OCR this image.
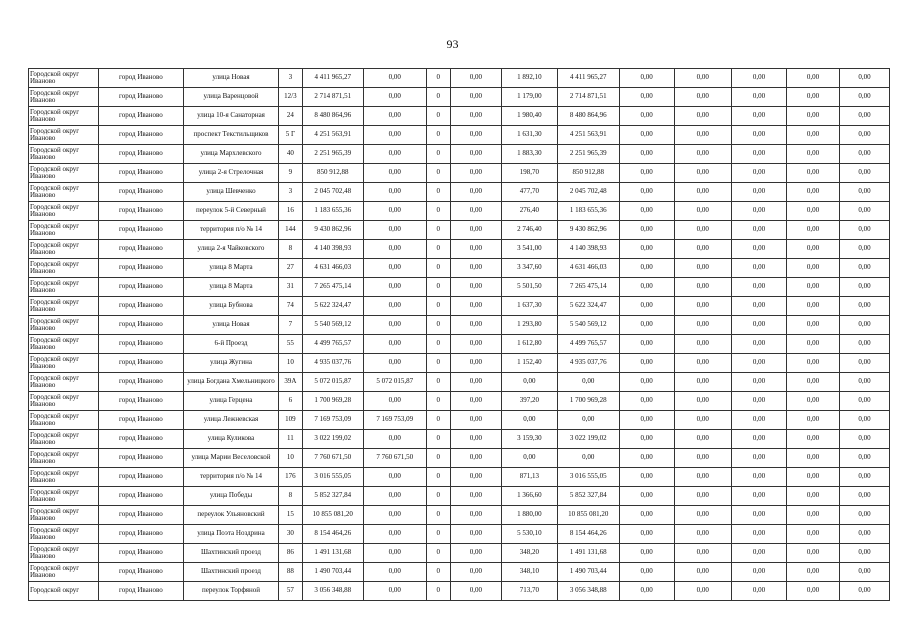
93
Городской округ Иваново	город Иваново	улица Новая	3	4 411 965,27	0,00	0	0,00	1 892,10	4 411 965,27	0,00	0,00	0,00	0,00	0,00
Городской округ Иваново	город Иваново	улица Варенцовой	12/3	2 714 871,51	0,00	0	0,00	1 179,00	2 714 871,51	0,00	0,00	0,00	0,00	0,00
Городской округ Иваново	город Иваново	улица 10-я Санаторная	24	8 480 864,96	0,00	0	0,00	1 980,40	8 480 864,96	0,00	0,00	0,00	0,00	0,00
Городской округ Иваново	город Иваново	проспект Текстильщиков	5 Г	4 251 563,91	0,00	0	0,00	1 631,30	4 251 563,91	0,00	0,00	0,00	0,00	0,00
Городской округ Иваново	город Иваново	улица Мархлевского	40	2 251 965,39	0,00	0	0,00	1 883,30	2 251 965,39	0,00	0,00	0,00	0,00	0,00
Городской округ Иваново	город Иваново	улица 2-я Стрелочная	9	850 912,88	0,00	0	0,00	198,70	850 912,88	0,00	0,00	0,00	0,00	0,00
Городской округ Иваново	город Иваново	улица Шевченко	3	2 045 702,48	0,00	0	0,00	477,70	2 045 702,48	0,00	0,00	0,00	0,00	0,00
Городской округ Иваново	город Иваново	переулок 5-й Северный	16	1 183 655,36	0,00	0	0,00	276,40	1 183 655,36	0,00	0,00	0,00	0,00	0,00
Городской округ Иваново	город Иваново	территория п/о № 14	144	9 430 862,96	0,00	0	0,00	2 746,40	9 430 862,96	0,00	0,00	0,00	0,00	0,00
Городской округ Иваново	город Иваново	улица 2-я Чайковского	8	4 140 398,93	0,00	0	0,00	3 541,00	4 140 398,93	0,00	0,00	0,00	0,00	0,00
Городской округ Иваново	город Иваново	улица 8 Марта	27	4 631 466,03	0,00	0	0,00	3 347,60	4 631 466,03	0,00	0,00	0,00	0,00	0,00
Городской округ Иваново	город Иваново	улица 8 Марта	31	7 265 475,14	0,00	0	0,00	5 501,50	7 265 475,14	0,00	0,00	0,00	0,00	0,00
Городской округ Иваново	город Иваново	улица Бубнова	74	5 622 324,47	0,00	0	0,00	1 637,30	5 622 324,47	0,00	0,00	0,00	0,00	0,00
Городской округ Иваново	город Иваново	улица Новая	7	5 540 569,12	0,00	0	0,00	1 293,80	5 540 569,12	0,00	0,00	0,00	0,00	0,00
Городской округ Иваново	город Иваново	6-й Проезд	55	4 499 765,57	0,00	0	0,00	1 612,80	4 499 765,57	0,00	0,00	0,00	0,00	0,00
Городской округ Иваново	город Иваново	улица Жугина	10	4 935 037,76	0,00	0	0,00	1 152,40	4 935 037,76	0,00	0,00	0,00	0,00	0,00
Городской округ Иваново	город Иваново	улица Богдана Хмельницкого	39А	5 072 015,87	5 072 015,87	0	0,00	0,00	0,00	0,00	0,00	0,00	0,00	0,00
Городской округ Иваново	город Иваново	улица Герцена	6	1 700 969,28	0,00	0	0,00	397,20	1 700 969,28	0,00	0,00	0,00	0,00	0,00
Городской округ Иваново	город Иваново	улица Лежневская	109	7 169 753,09	7 169 753,09	0	0,00	0,00	0,00	0,00	0,00	0,00	0,00	0,00
Городской округ Иваново	город Иваново	улица Куликова	11	3 022 199,02	0,00	0	0,00	3 159,30	3 022 199,02	0,00	0,00	0,00	0,00	0,00
Городской округ Иваново	город Иваново	улица Марии Веселовской	10	7 760 671,50	7 760 671,50	0	0,00	0,00	0,00	0,00	0,00	0,00	0,00	0,00
Городской округ Иваново	город Иваново	территория п/о № 14	176	3 016 555,05	0,00	0	0,00	871,13	3 016 555,05	0,00	0,00	0,00	0,00	0,00
Городской округ Иваново	город Иваново	улица Победы	8	5 852 327,84	0,00	0	0,00	1 366,60	5 852 327,84	0,00	0,00	0,00	0,00	0,00
Городской округ Иваново	город Иваново	переулок Ульяновский	15	10 855 081,20	0,00	0	0,00	1 880,00	10 855 081,20	0,00	0,00	0,00	0,00	0,00
Городской округ Иваново	город Иваново	улица Поэта Ноздрина	30	8 154 464,26	0,00	0	0,00	5 530,10	8 154 464,26	0,00	0,00	0,00	0,00	0,00
Городской округ Иваново	город Иваново	Шахтинский проезд	86	1 491 131,68	0,00	0	0,00	348,20	1 491 131,68	0,00	0,00	0,00	0,00	0,00
Городской округ Иваново	город Иваново	Шахтинский проезд	88	1 490 703,44	0,00	0	0,00	348,10	1 490 703,44	0,00	0,00	0,00	0,00	0,00
Городской округ	город Иваново	переулок Торфяной	57	3 056 348,88	0,00	0	0,00	713,70	3 056 348,88	0,00	0,00	0,00	0,00	0,00
